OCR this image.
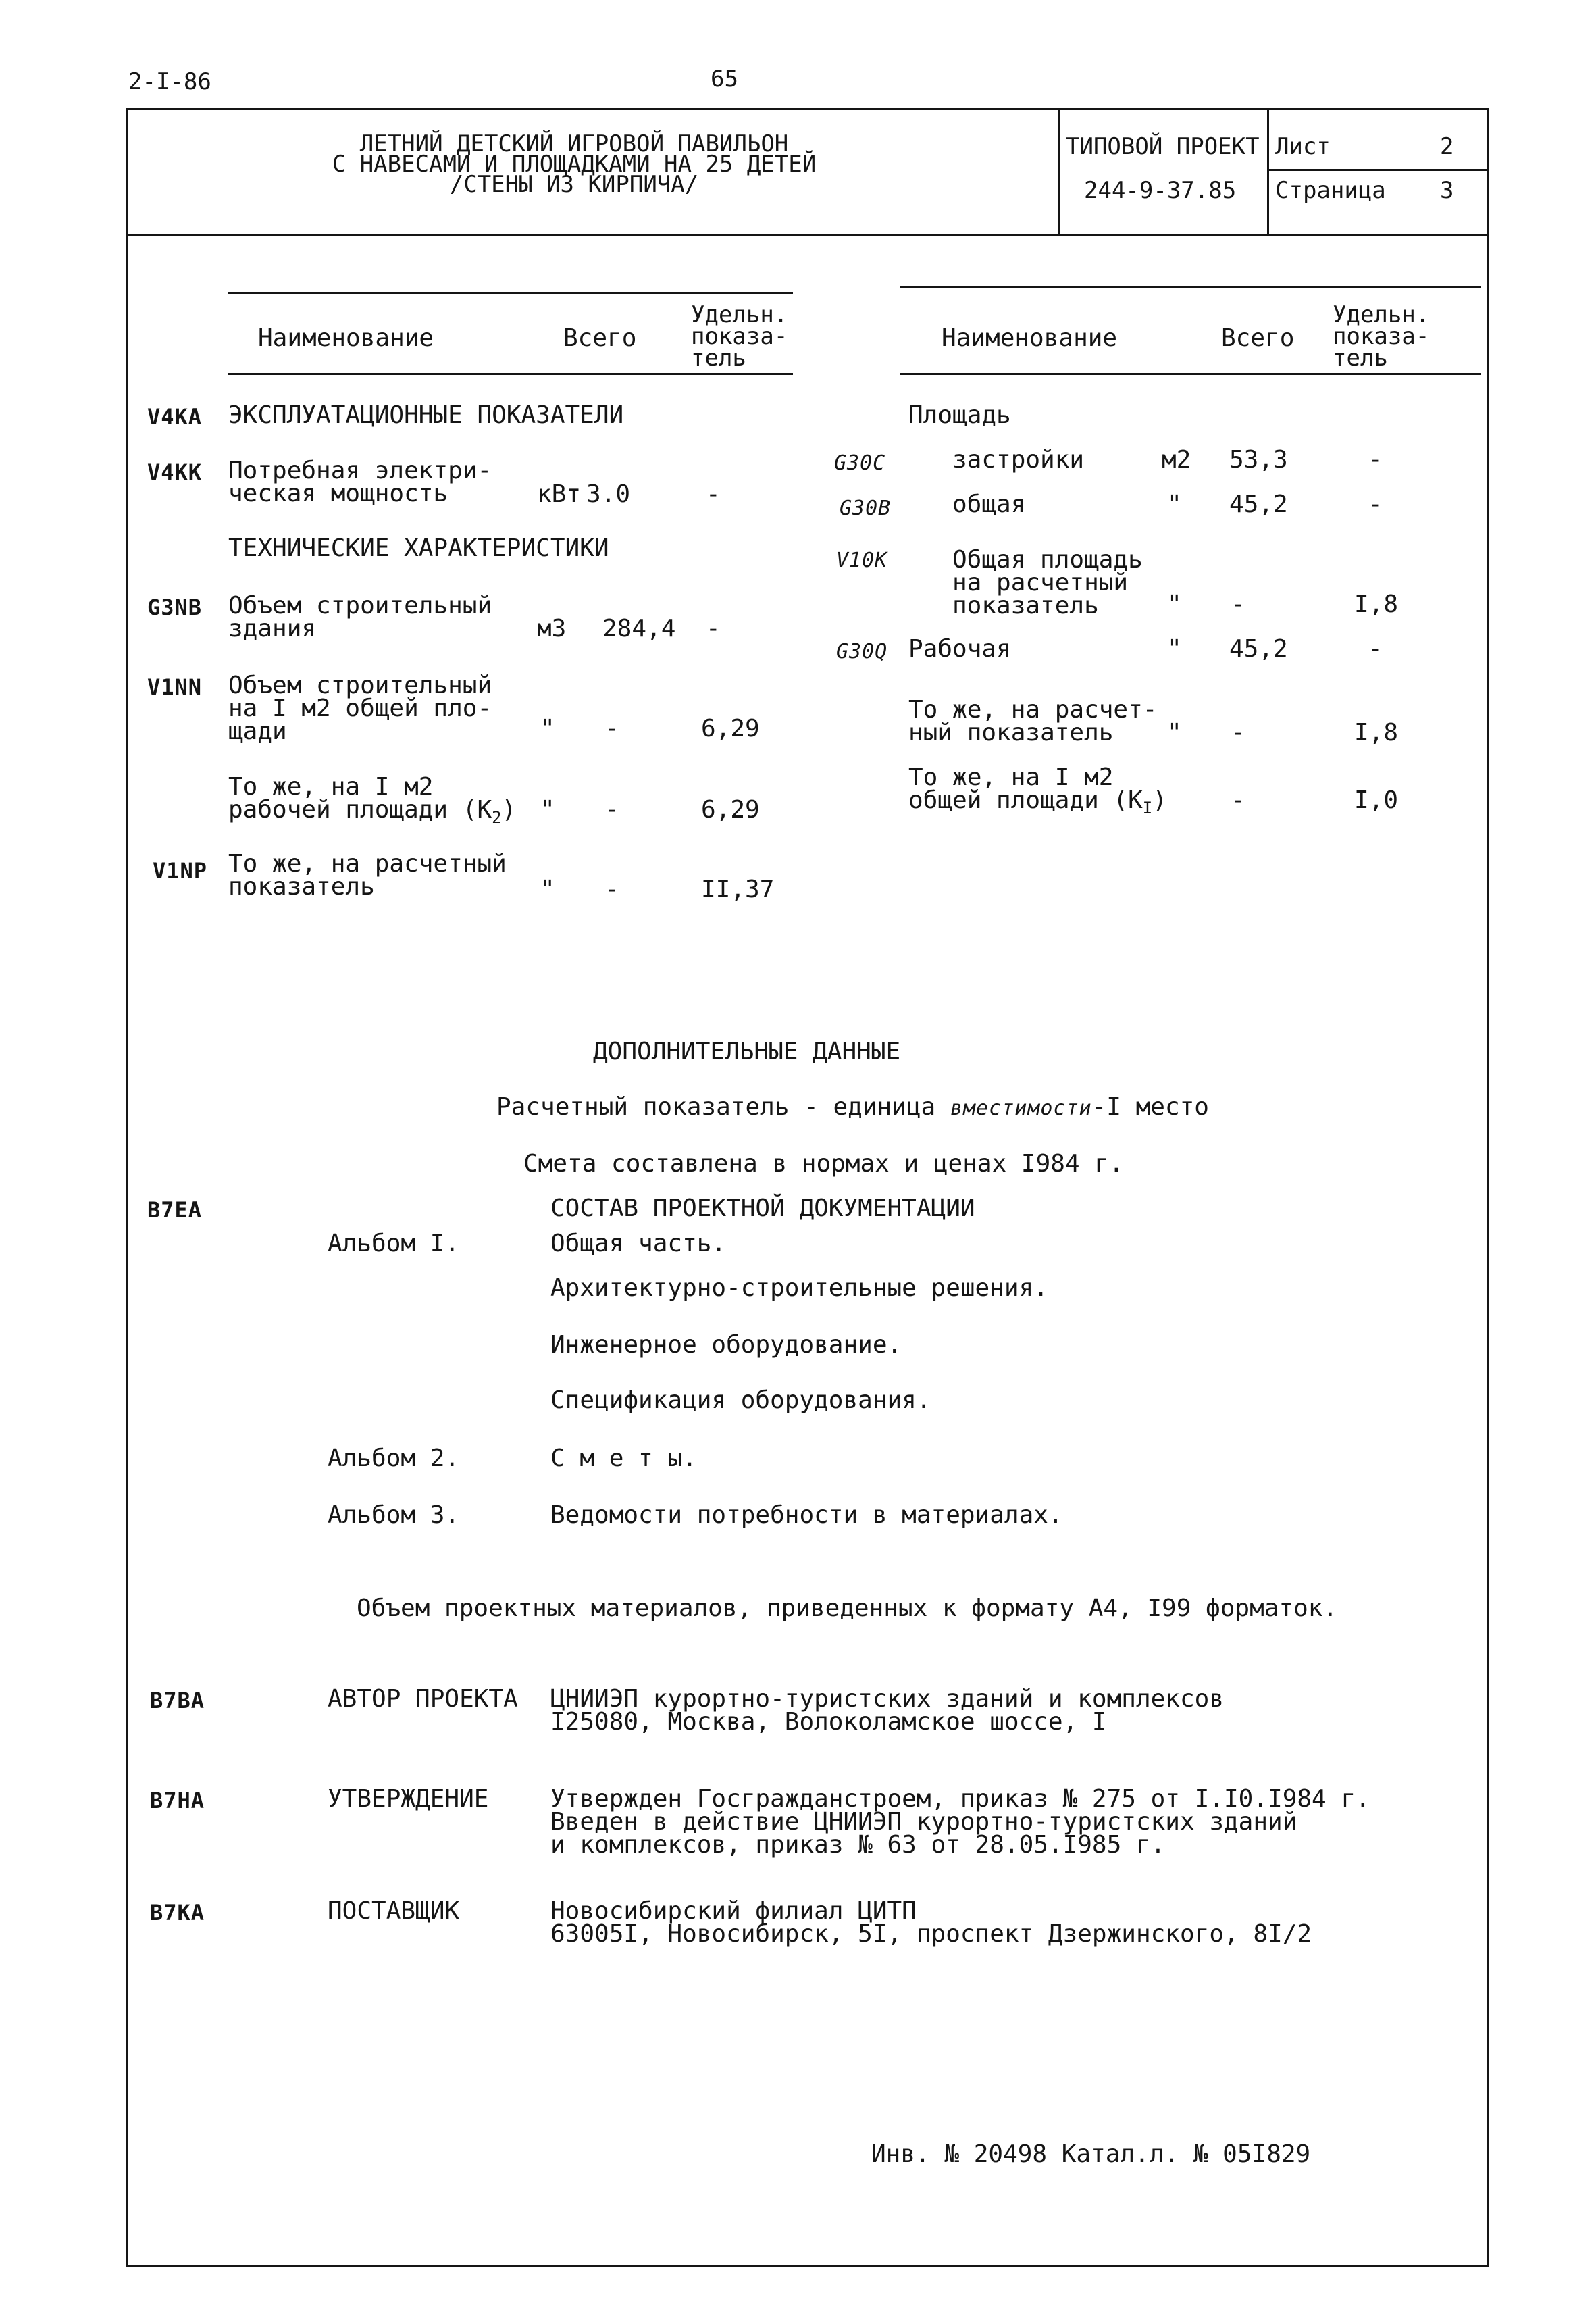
2-I-86	65
ЛЕТНИЙ ДЕТСКИЙ ИГРОВОЙ ПАВИЛЬОН
С НАВЕСАМИ И ПЛОЩАДКАМИ НА 25 ДЕТЕЙ
/СТЕНЫ ИЗ КИРПИЧА/
ТИПОВОЙ ПРОЕКТ
244-9-37.85
Лист	2
Страница 3
Наименование	Всего
Удельн.
показа-
тель
Наименование	Всего
Удельн.
показа-
тель
V4KA ЭКСПЛУАТАЦИОННЫЕ ПОКАЗАТЕЛИ
V4KK Потребная электри-
ческая мощность	кВт 3.0	-
ТЕХНИЧЕСКИЕ ХАРАКТЕРИСТИКИ
G3NB Объем строительный
здания	м3 284,4 -
V1NN Объем строительный
на I м2 общей пло-
щади	" -	6,29
То же, на I м2
рабочей площади $(К_2)$ " -	6,29
V1NP То же, на расчетный
показатель	" -	II,37
Площадь
G30C	застройки	м2 53,3	-
G30B	общая	" 45,2	-
V10K	Общая площадь
на расчетный
показатель	" -	I,8
G30Q Рабочая	" 45,2	-
То же, на расчет-
ный показатель	" -	I,8
То же, на I м2
общей площади $(К_I)$	-	I,0
ДОПОЛНИТЕЛЬНЫЕ ДАННЫЕ
Расчетный показатель - единица вместимости-I место
Смета составлена в нормах и ценах I984 г.
B7EA	СОСТАВ ПРОЕКТНОЙ ДОКУМЕНТАЦИИ
Альбом I.	Общая часть.
Архитектурно-строительные решения.
Инженерное оборудование.
Спецификация оборудования.
Альбом 2.	С м е т ы.
Альбом 3.	Ведомости потребности в материалах.
Объем проектных материалов, приведенных к формату А4, I99 форматок.
B7BA	АВТОР ПРОЕКТА ЦНИИЭП курортно-туристских зданий и комплексов
I25080, Москва, Волоколамское шоссе, I
B7HA	УТВЕРЖДЕНИЕ	Утвержден Госгражданстроем, приказ № 275 от I.I0.I984 г.
Введен в действие ЦНИИЭП курортно-туристских зданий
и комплексов, приказ № 63 от 28.05.I985 г.
B7KA	ПОСТАВЩИК	Новосибирский филиал ЦИТП
63005I, Новосибирск, 5I, проспект Дзержинского, 8I/2
Инв. № 20498 Катал.л. № 05I829
